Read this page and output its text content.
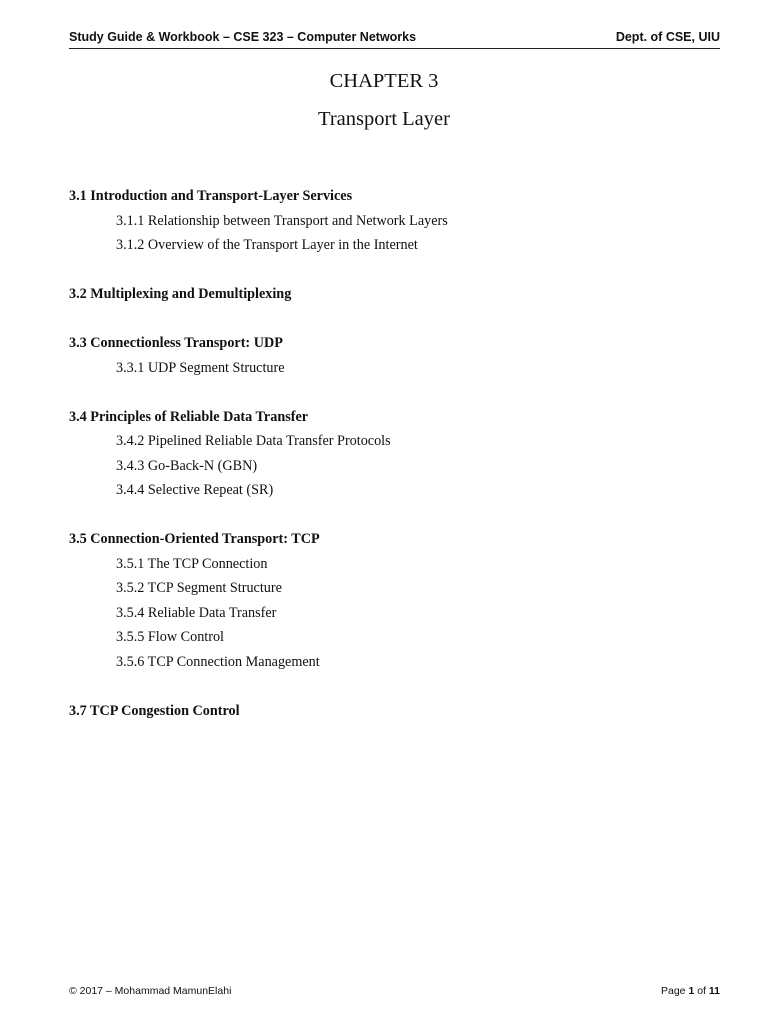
Study Guide & Workbook – CSE 323 – Computer Networks	Dept. of CSE, UIU
CHAPTER 3
Transport Layer
3.1 Introduction and Transport-Layer Services
3.1.1 Relationship between Transport and Network Layers
3.1.2 Overview of the Transport Layer in the Internet
3.2 Multiplexing and Demultiplexing
3.3 Connectionless Transport: UDP
3.3.1 UDP Segment Structure
3.4 Principles of Reliable Data Transfer
3.4.2 Pipelined Reliable Data Transfer Protocols
3.4.3 Go-Back-N (GBN)
3.4.4 Selective Repeat (SR)
3.5 Connection-Oriented Transport: TCP
3.5.1 The TCP Connection
3.5.2 TCP Segment Structure
3.5.4 Reliable Data Transfer
3.5.5 Flow Control
3.5.6 TCP Connection Management
3.7 TCP Congestion Control
© 2017 – Mohammad MamunElahi	Page 1 of 11
